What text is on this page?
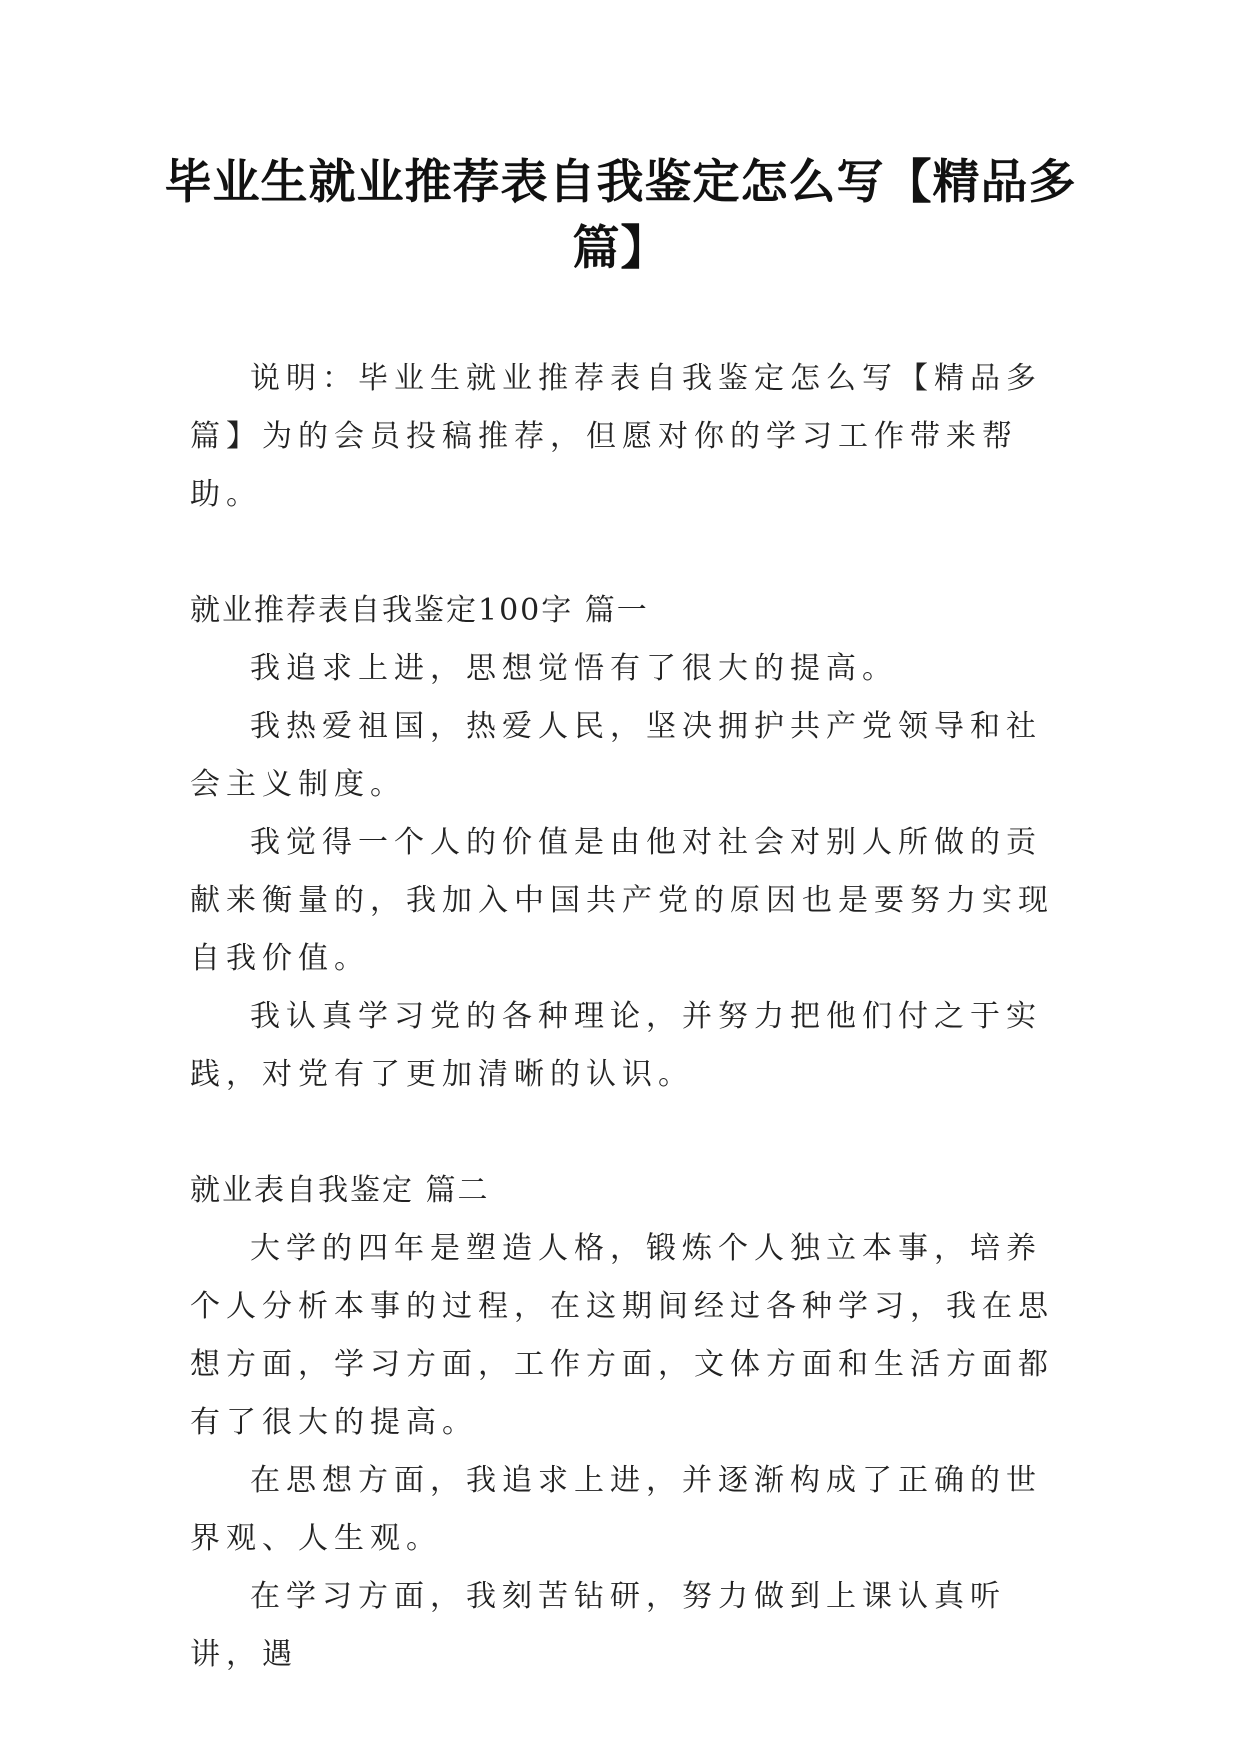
毕业生就业推荐表自我鉴定怎么写【精品多篇】

说明：毕业生就业推荐表自我鉴定怎么写【精品多篇】为的会员投稿推荐，但愿对你的学习工作带来帮助。

就业推荐表自我鉴定100字 篇一

我追求上进，思想觉悟有了很大的提高。

我热爱祖国，热爱人民，坚决拥护共产党领导和社会主义制度。

我觉得一个人的价值是由他对社会对别人所做的贡献来衡量的，我加入中国共产党的原因也是要努力实现自我价值。

我认真学习党的各种理论，并努力把他们付之于实践，对党有了更加清晰的认识。

就业表自我鉴定 篇二

大学的四年是塑造人格，锻炼个人独立本事，培养个人分析本事的过程，在这期间经过各种学习，我在思想方面，学习方面，工作方面，文体方面和生活方面都有了很大的提高。

在思想方面，我追求上进，并逐渐构成了正确的世界观、人生观。

在学习方面，我刻苦钻研，努力做到上课认真听讲，遇
